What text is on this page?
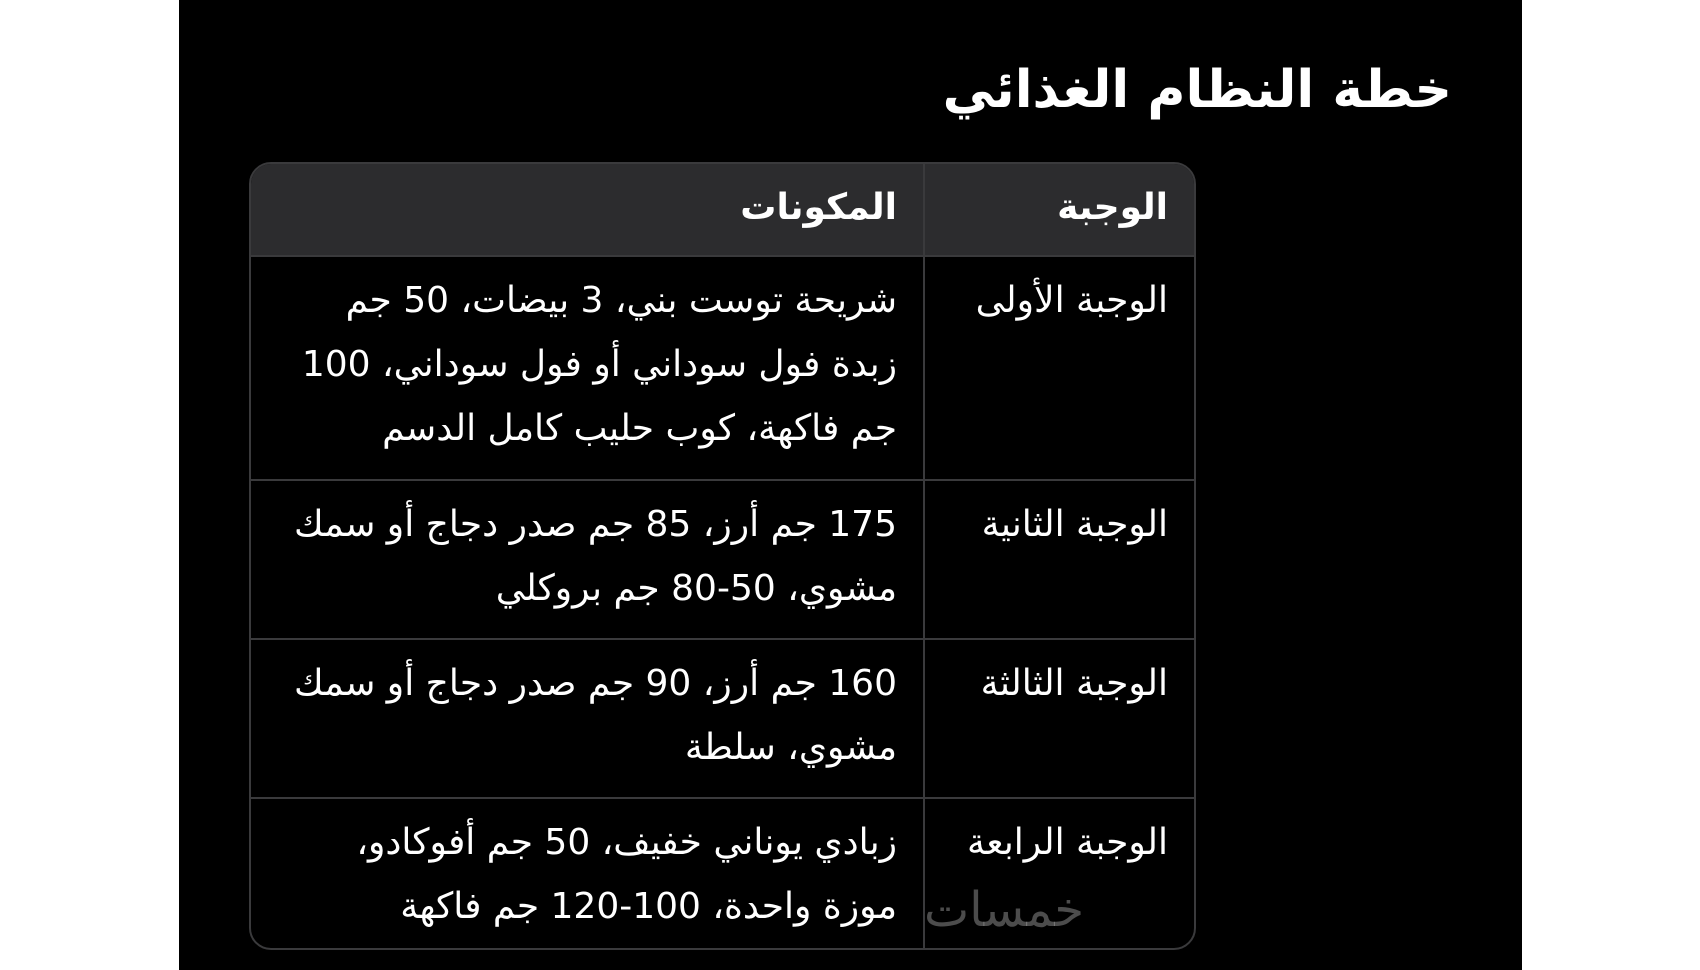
خطة النظام الغذائي
الوجبة	المكونات
الوجبة الأولى	شريحة توست بني، 3 بيضات، 50 جم زبدة فول سوداني أو فول سوداني، 100 جم فاكهة، كوب حليب كامل الدسم
الوجبة الثانية	175 جم أرز، 85 جم صدر دجاج أو سمك مشوي، 50-80 جم بروكلي
الوجبة الثالثة	160 جم أرز، 90 جم صدر دجاج أو سمك مشوي، سلطة
الوجبة الرابعة	زبادي يوناني خفيف، 50 جم أفوكادو، موزة واحدة، 100-120 جم فاكهة خمسات
